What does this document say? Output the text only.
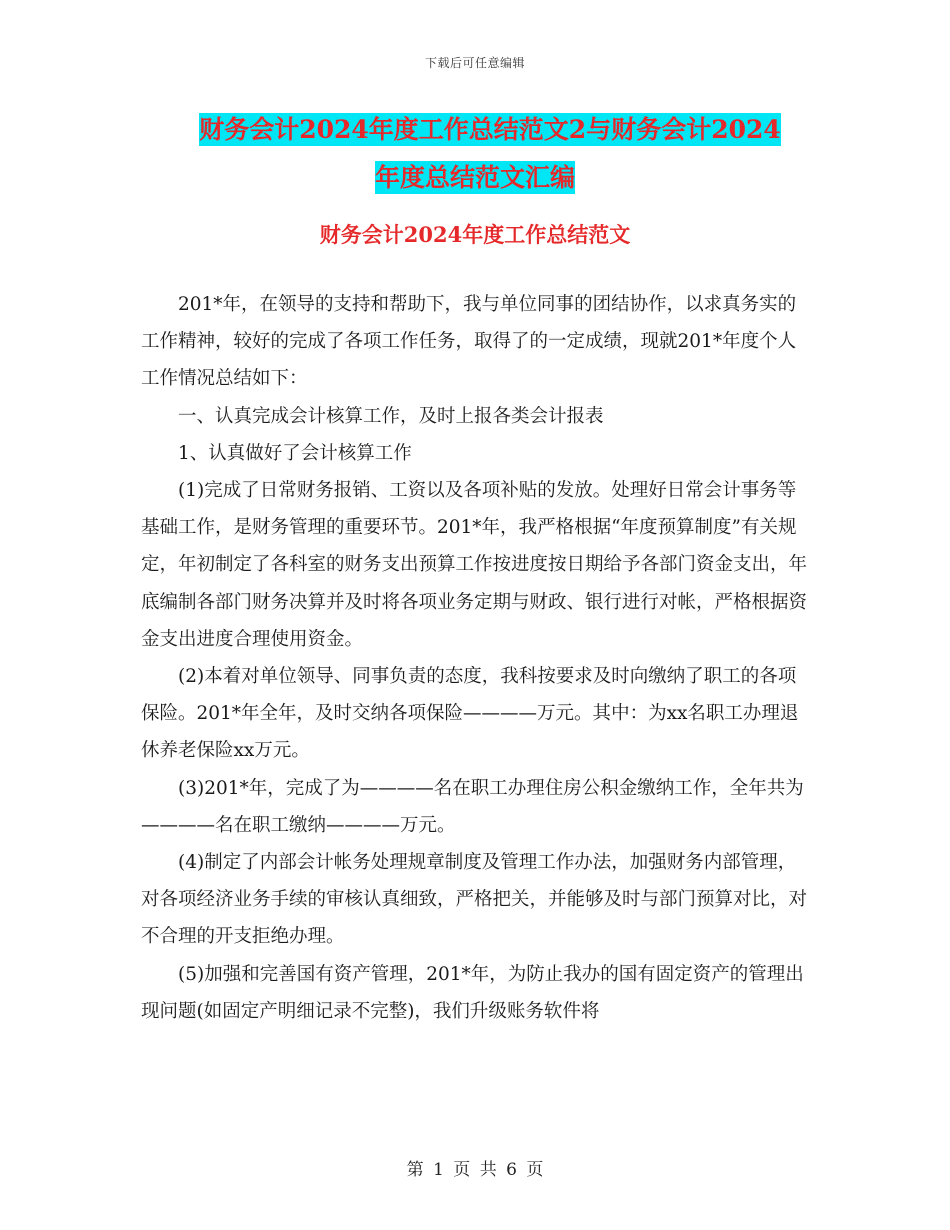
下载后可任意编辑
财务会计2024年度工作总结范文2与财务会计2024
年度总结范文汇编
财务会计2024年度工作总结范文

201*年，在领导的支持和帮助下，我与单位同事的团结协作，以求真务实的工作精神，较好的完成了各项工作任务，取得了的一定成绩，现就201*年度个人工作情况总结如下：

一、认真完成会计核算工作，及时上报各类会计报表

1、认真做好了会计核算工作

(1)完成了日常财务报销、工资以及各项补贴的发放。处理好日常会计事务等基础工作，是财务管理的重要环节。201*年，我严格根据“年度预算制度”有关规定，年初制定了各科室的财务支出预算工作按进度按日期给予各部门资金支出，年底编制各部门财务决算并及时将各项业务定期与财政、银行进行对帐，严格根据资金支出进度合理使用资金。

(2)本着对单位领导、同事负责的态度，我科按要求及时向缴纳了职工的各项保险。201*年全年，及时交纳各项保险————万元。其中：为xx名职工办理退休养老保险xx万元。

(3)201*年，完成了为————名在职工办理住房公积金缴纳工作，全年共为————名在职工缴纳————万元。

(4)制定了内部会计帐务处理规章制度及管理工作办法，加强财务内部管理，对各项经济业务手续的审核认真细致，严格把关，并能够及时与部门预算对比，对不合理的开支拒绝办理。

(5)加强和完善国有资产管理，201*年，为防止我办的国有固定资产的管理出现问题(如固定产明细记录不完整)，我们升级账务软件将

第 1 页 共 6 页
